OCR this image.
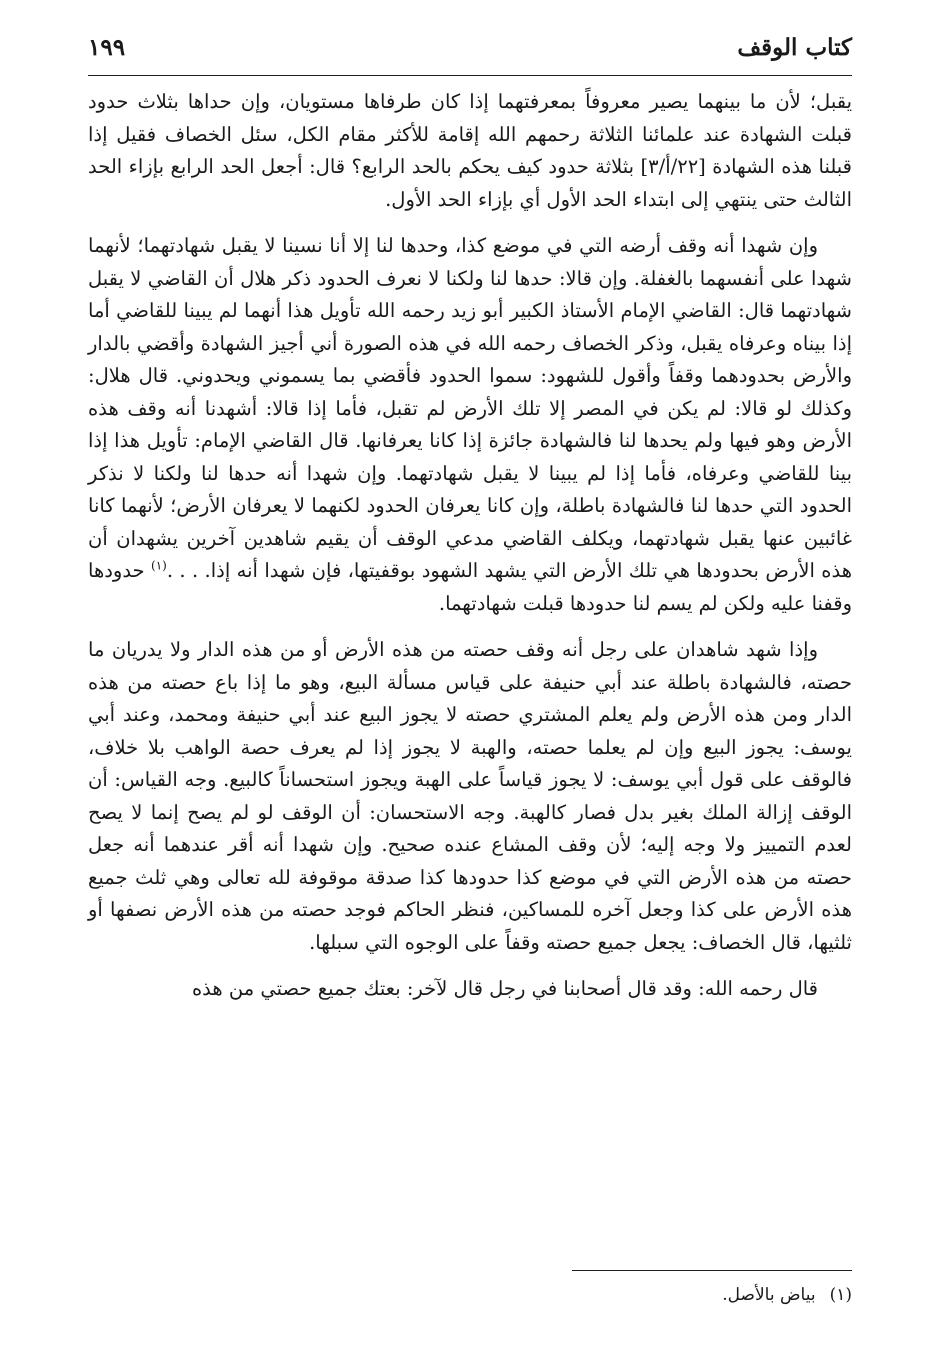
كتاب الوقف
١٩٩

يقبل؛ لأن ما بينهما يصير معروفاً بمعرفتهما إذا كان طرفاها مستويان، وإن حداها بثلاث حدود قبلت الشهادة عند علمائنا الثلاثة رحمهم الله إقامة للأكثر مقام الكل، سئل الخصاف فقيل إذا قبلنا هذه الشهادة [٢٢/أ/٣] بثلاثة حدود كيف يحكم بالحد الرابع؟ قال: أجعل الحد الرابع بإزاء الحد الثالث حتى ينتهي إلى ابتداء الحد الأول أي بإزاء الحد الأول.

وإن شهدا أنه وقف أرضه التي في موضع كذا، وحدها لنا إلا أنا نسينا لا يقبل شهادتهما؛ لأنهما شهدا على أنفسهما بالغفلة. وإن قالا: حدها لنا ولكنا لا نعرف الحدود ذكر هلال أن القاضي لا يقبل شهادتهما قال: القاضي الإمام الأستاذ الكبير أبو زيد رحمه الله تأويل هذا أنهما لم يبينا للقاضي أما إذا بيناه وعرفاه يقبل، وذكر الخصاف رحمه الله في هذه الصورة أني أجيز الشهادة وأقضي بالدار والأرض بحدودهما وقفاً وأقول للشهود: سموا الحدود فأقضي بما يسموني ويحدوني. قال هلال: وكذلك لو قالا: لم يكن في المصر إلا تلك الأرض لم تقبل، فأما إذا قالا: أشهدنا أنه وقف هذه الأرض وهو فيها ولم يحدها لنا فالشهادة جائزة إذا كانا يعرفانها. قال القاضي الإمام: تأويل هذا إذا بينا للقاضي وعرفاه، فأما إذا لم يبينا لا يقبل شهادتهما. وإن شهدا أنه حدها لنا ولكنا لا نذكر الحدود التي حدها لنا فالشهادة باطلة، وإن كانا يعرفان الحدود لكنهما لا يعرفان الأرض؛ لأنهما كانا غائبين عنها يقبل شهادتهما، ويكلف القاضي مدعي الوقف أن يقيم شاهدين آخرين يشهدان أن هذه الأرض بحدودها هي تلك الأرض التي يشهد الشهود بوقفيتها، فإن شهدا أنه إذا. . . .$^{(١)}$ حدودها وقفنا عليه ولكن لم يسم لنا حدودها قبلت شهادتهما.

وإذا شهد شاهدان على رجل أنه وقف حصته من هذه الأرض أو من هذه الدار ولا يدريان ما حصته، فالشهادة باطلة عند أبي حنيفة على قياس مسألة البيع، وهو ما إذا باع حصته من هذه الدار ومن هذه الأرض ولم يعلم المشتري حصته لا يجوز البيع عند أبي حنيفة ومحمد، وعند أبي يوسف: يجوز البيع وإن لم يعلما حصته، والهبة لا يجوز إذا لم يعرف حصة الواهب بلا خلاف، فالوقف على قول أبي يوسف: لا يجوز قياساً على الهبة ويجوز استحساناً كالبيع. وجه القياس: أن الوقف إزالة الملك بغير بدل فصار كالهبة. وجه الاستحسان: أن الوقف لو لم يصح إنما لا يصح لعدم التمييز ولا وجه إليه؛ لأن وقف المشاع عنده صحيح. وإن شهدا أنه أقر عندهما أنه جعل حصته من هذه الأرض التي في موضع كذا حدودها كذا صدقة موقوفة لله تعالى وهي ثلث جميع هذه الأرض على كذا وجعل آخره للمساكين، فنظر الحاكم فوجد حصته من هذه الأرض نصفها أو ثلثيها، قال الخصاف: يجعل جميع حصته وقفاً على الوجوه التي سبلها.

قال رحمه الله: وقد قال أصحابنا في رجل قال لآخر: بعتك جميع حصتي من هذه

(١)بياض بالأصل.
